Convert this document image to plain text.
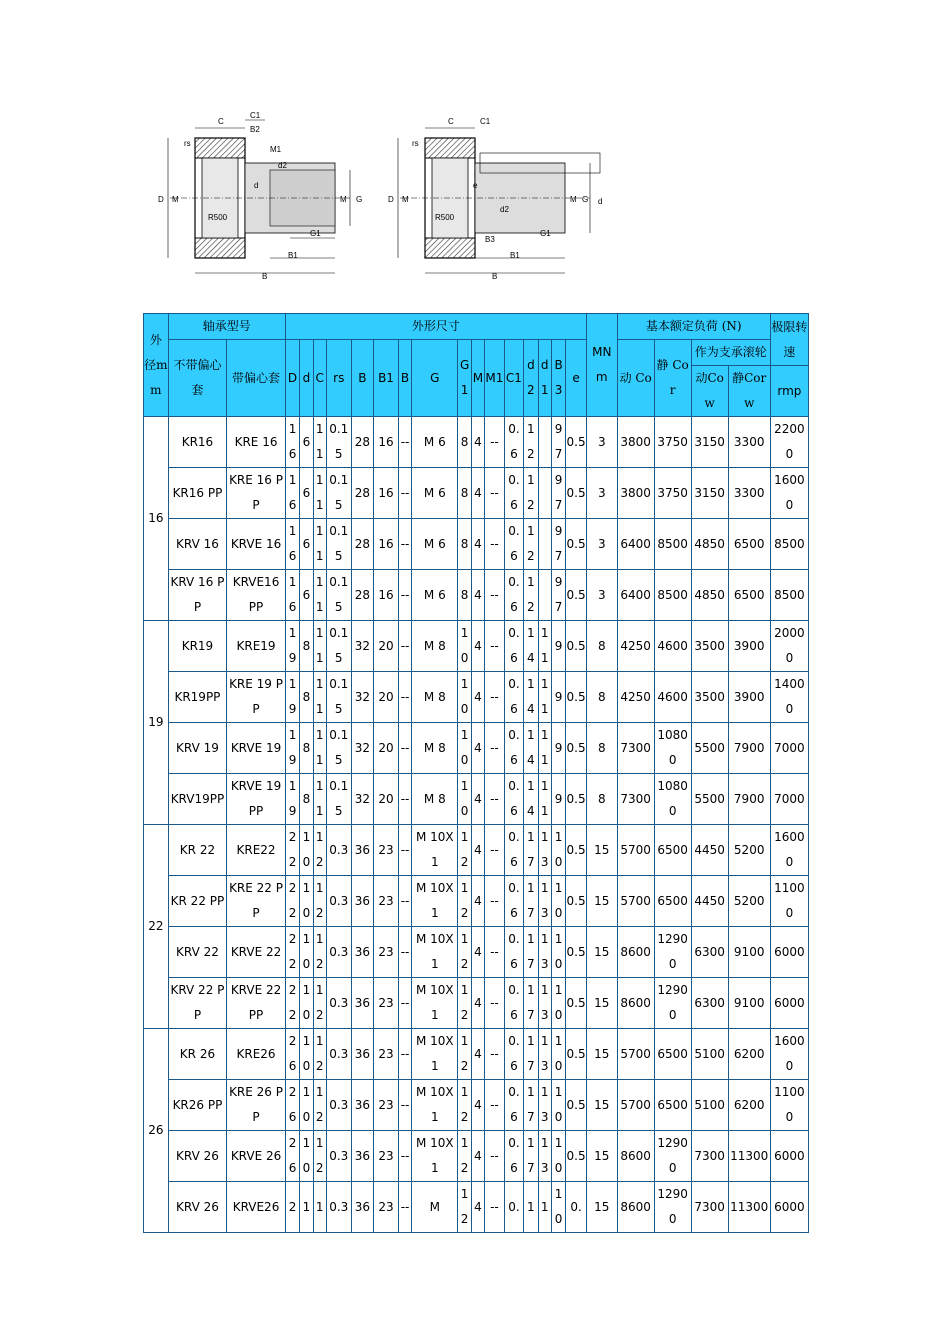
C
C1
B2
rs
M1
d2
D M
d
R500
M G
G1
B1
B
C	C1
rs
e
D M
R500
d2
M G d
B3
G1
B1
B
外径mm	轴承型号		外形尺寸																MNm	基本额定负荷 (N)				极限转速
	不带偏心套	带偏心套	D	d	C	rs	B	B1	B	G	G1	M	M1	C1	d2	d1	B3	e		动 Co	静 Cor	作为支承滚轮		
																						动Cow	静Corw	rmp
16	KR16	KRE 16	16	6	11	0.15	28	16	--	M 6	8	4	--	0.6	12		97	0.5	3	3800	3750	3150	3300	22000
	KR16 PP	KRE 16 PP	16	6	11	0.15	28	16	--	M 6	8	4	--	0.6	12		97	0.5	3	3800	3750	3150	3300	16000
	KRV 16	KRVE 16	16	6	11	0.15	28	16	--	M 6	8	4	--	0.6	12		97	0.5	3	6400	8500	4850	6500	8500
	KRV 16 PP	KRVE16 PP	16	6	11	0.15	28	16	--	M 6	8	4	--	0.6	12		97	0.5	3	6400	8500	4850	6500	8500
19	KR19	KRE19	19	8	11	0.15	32	20	--	M 8	10	4	--	0.6	14	11	9	0.5	8	4250	4600	3500	3900	20000
	KR19PP	KRE 19 PP	19	8	11	0.15	32	20	--	M 8	10	4	--	0.6	14	11	9	0.5	8	4250	4600	3500	3900	14000
	KRV 19	KRVE 19	19	8	11	0.15	32	20	--	M 8	10	4	--	0.6	14	11	9	0.5	8	7300	10800	5500	7900	7000
	KRV19PP	KRVE 19 PP	19	8	11	0.15	32	20	--	M 8	10	4	--	0.6	14	11	9	0.5	8	7300	10800	5500	7900	7000
22	KR 22	KRE22	22	10	12	0.3	36	23	--	M 10X1	12	4	--	0.6	17	13	10	0.5	15	5700	6500	4450	5200	16000
	KR 22 PP	KRE 22 PP	22	10	12	0.3	36	23	--	M 10X1	12	4	--	0.6	17	13	10	0.5	15	5700	6500	4450	5200	11000
	KRV 22	KRVE 22	22	10	12	0.3	36	23	--	M 10X1	12	4	--	0.6	17	13	10	0.5	15	8600	12900	6300	9100	6000
	KRV 22 PP	KRVE 22 PP	22	10	12	0.3	36	23	--	M 10X1	12	4	--	0.6	17	13	10	0.5	15	8600	12900	6300	9100	6000
26	KR 26	KRE26	26	10	12	0.3	36	23	--	M 10X1	12	4	--	0.6	17	13	10	0.5	15	5700	6500	5100	6200	16000
	KR26 PP	KRE 26 PP	26	10	12	0.3	36	23	--	M 10X1	12	4	--	0.6	17	13	10	0.5	15	5700	6500	5100	6200	11000
	KRV 26	KRVE 26	26	10	12	0.3	36	23	--	M 10X1	12	4	--	0.6	17	13	10	0.5	15	8600	12900	7300	11300	6000
	KRV 26	KRVE26	2	1	1	0.3	36	23	--	M	12	4	--	0.	1	1	10	0.	15	8600	12900	7300	11300	6000
